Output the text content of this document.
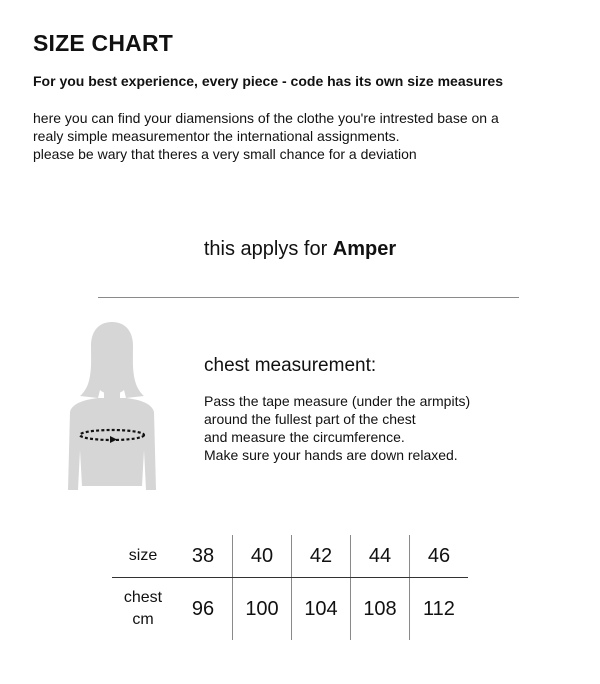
SIZE CHART
For you best experience, every piece - code has its own size measures
here you can find your diamensions of the clothe you're intrested base on a
realy simple measurementor the international assignments.
please be wary that theres a very small chance for a deviation
this applys for Amper
chest measurement:
Pass the tape measure (under the armpits)
around the fullest part of the chest
and measure the circumference.
Make sure your hands are down relaxed.
size	38	40	42	44	46
chest
cm	96	100	104	108	112
